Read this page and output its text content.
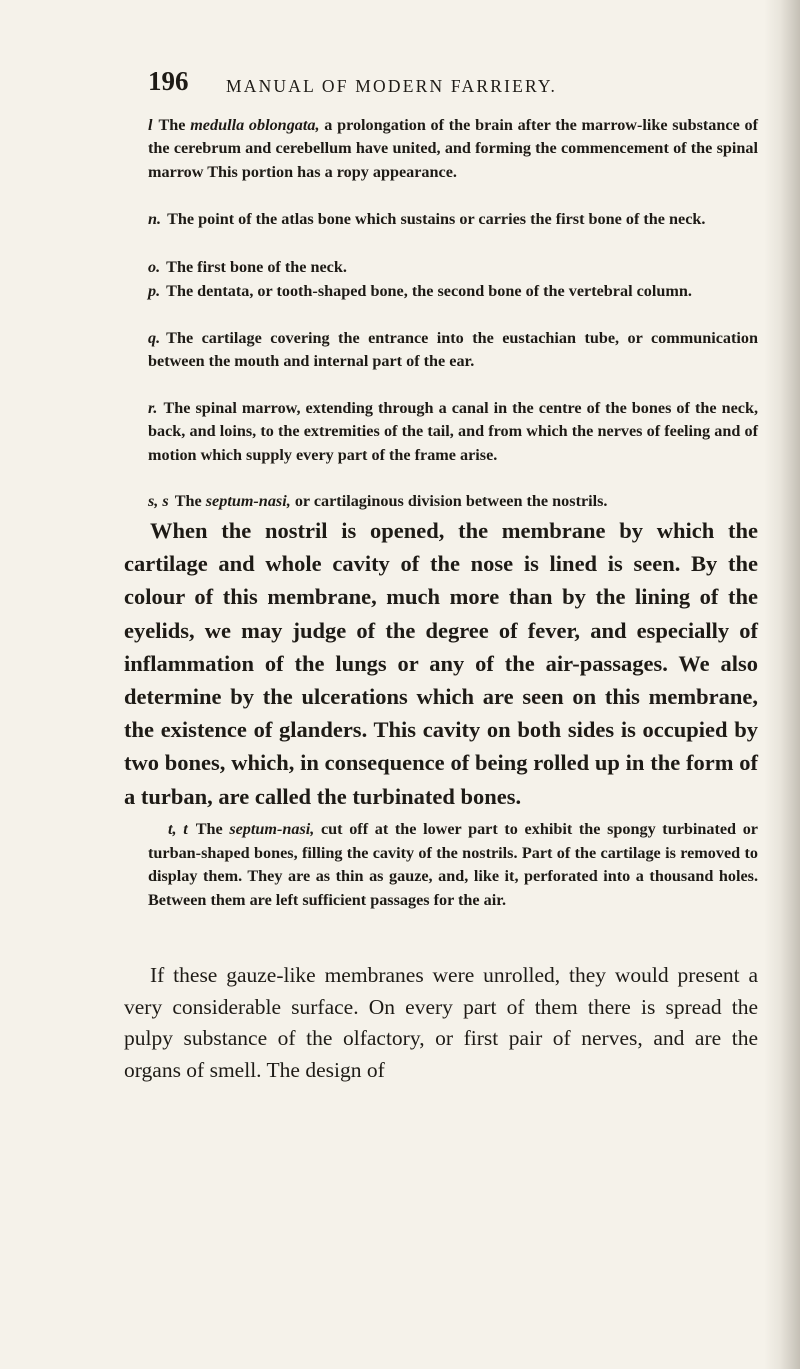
196 MANUAL OF MODERN FARRIERY.
l The medulla oblongata, a prolongation of the brain after the marrow-like substance of the cerebrum and cerebellum have united, and forming the commencement of the spinal marrow This portion has a ropy appearance.
n. The point of the atlas bone which sustains or carries the first bone of the neck.
o. The first bone of the neck.
p. The dentata, or tooth-shaped bone, the second bone of the vertebral column.
q. The cartilage covering the entrance into the eustachian tube, or communication between the mouth and internal part of the ear.
r. The spinal marrow, extending through a canal in the centre of the bones of the neck, back, and loins, to the extremities of the tail, and from which the nerves of feeling and of motion which supply every part of the frame arise.
s, s The septum-nasi, or cartilaginous division between the nostrils.

When the nostril is opened, the membrane by which the cartilage and whole cavity of the nose is lined is seen. By the colour of this membrane, much more than by the lining of the eyelids, we may judge of the degree of fever, and especially of inflammation of the lungs or any of the air-passages. We also determine by the ulcerations which are seen on this membrane, the existence of glanders. This cavity on both sides is occupied by two bones, which, in consequence of being rolled up in the form of a turban, are called the turbinated bones.

t, t The septum-nasi, cut off at the lower part to exhibit the spongy turbinated or turban-shaped bones, filling the cavity of the nostrils. Part of the cartilage is removed to display them. They are as thin as gauze, and, like it, perforated into a thousand holes. Between them are left sufficient passages for the air.

If these gauze-like membranes were unrolled, they would present a very considerable surface. On every part of them there is spread the pulpy substance of the olfactory, or first pair of nerves, and are the organs of smell. The design of
